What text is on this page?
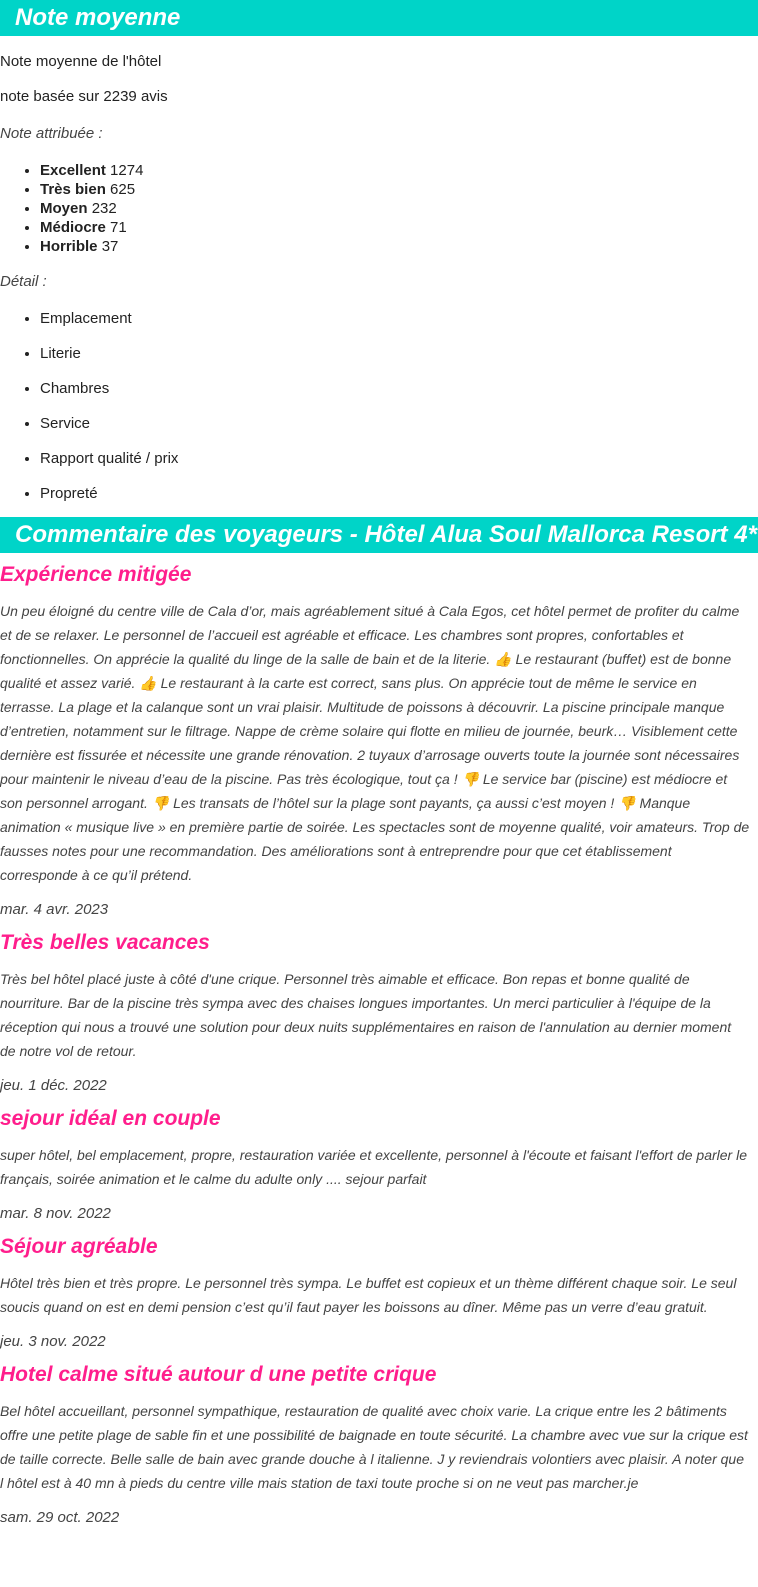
Note moyenne

Note moyenne de l'hôtel

note basée sur 2239 avis

Note attribuée :
• Excellent 1274
• Très bien 625
• Moyen 232
• Médiocre 71
• Horrible 37
Détail :
• Emplacement
• Literie
• Chambres
• Service
• Rapport qualité / prix
• Propreté
Commentaire des voyageurs - Hôtel Alua Soul Mallorca Resort 4*
Expérience mitigée
Un peu éloigné du centre ville de Cala d’or, mais agréablement situé à Cala Egos, cet hôtel permet de profiter du calme et de se relaxer. Le personnel de l’accueil est agréable et efficace. Les chambres sont propres, confortables et fonctionnelles. On apprécie la qualité du linge de la salle de bain et de la literie. 👍 Le restaurant (buffet) est de bonne qualité et assez varié. 👍 Le restaurant à la carte est correct, sans plus. On apprécie tout de même le service en terrasse. La plage et la calanque sont un vrai plaisir. Multitude de poissons à découvrir. La piscine principale manque d’entretien, notamment sur le filtrage. Nappe de crème solaire qui flotte en milieu de journée, beurk… Visiblement cette dernière est fissurée et nécessite une grande rénovation. 2 tuyaux d’arrosage ouverts toute la journée sont nécessaires pour maintenir le niveau d’eau de la piscine. Pas très écologique, tout ça ! 👎 Le service bar (piscine) est médiocre et son personnel arrogant. 👎 Les transats de l’hôtel sur la plage sont payants, ça aussi c’est moyen ! 👎 Manque animation « musique live » en première partie de soirée. Les spectacles sont de moyenne qualité, voir amateurs. Trop de fausses notes pour une recommandation. Des améliorations sont à entreprendre pour que cet établissement corresponde à ce qu’il prétend.
mar. 4 avr. 2023
Très belles vacances
Très bel hôtel placé juste à côté d'une crique. Personnel très aimable et efficace. Bon repas et bonne qualité de nourriture. Bar de la piscine très sympa avec des chaises longues importantes. Un merci particulier à l'équipe de la réception qui nous a trouvé une solution pour deux nuits supplémentaires en raison de l'annulation au dernier moment de notre vol de retour.
jeu. 1 déc. 2022
sejour idéal en couple
super hôtel, bel emplacement, propre, restauration variée et excellente, personnel à l'écoute et faisant l'effort de parler le français, soirée animation et le calme du adulte only .... sejour parfait
mar. 8 nov. 2022
Séjour agréable
Hôtel très bien et très propre. Le personnel très sympa. Le buffet est copieux et un thème différent chaque soir. Le seul soucis quand on est en demi pension c’est qu’il faut payer les boissons au dîner. Même pas un verre d’eau gratuit.
jeu. 3 nov. 2022
Hotel calme situé autour d une petite crique
Bel hôtel accueillant, personnel sympathique, restauration de qualité avec choix varie. La crique entre les 2 bâtiments offre une petite plage de sable fin et une possibilité de baignade en toute sécurité. La chambre avec vue sur la crique est de taille correcte. Belle salle de bain avec grande douche à l italienne. J y reviendrais volontiers avec plaisir. A noter que l hôtel est à 40 mn à pieds du centre ville mais station de taxi toute proche si on ne veut pas marcher.je
sam. 29 oct. 2022
